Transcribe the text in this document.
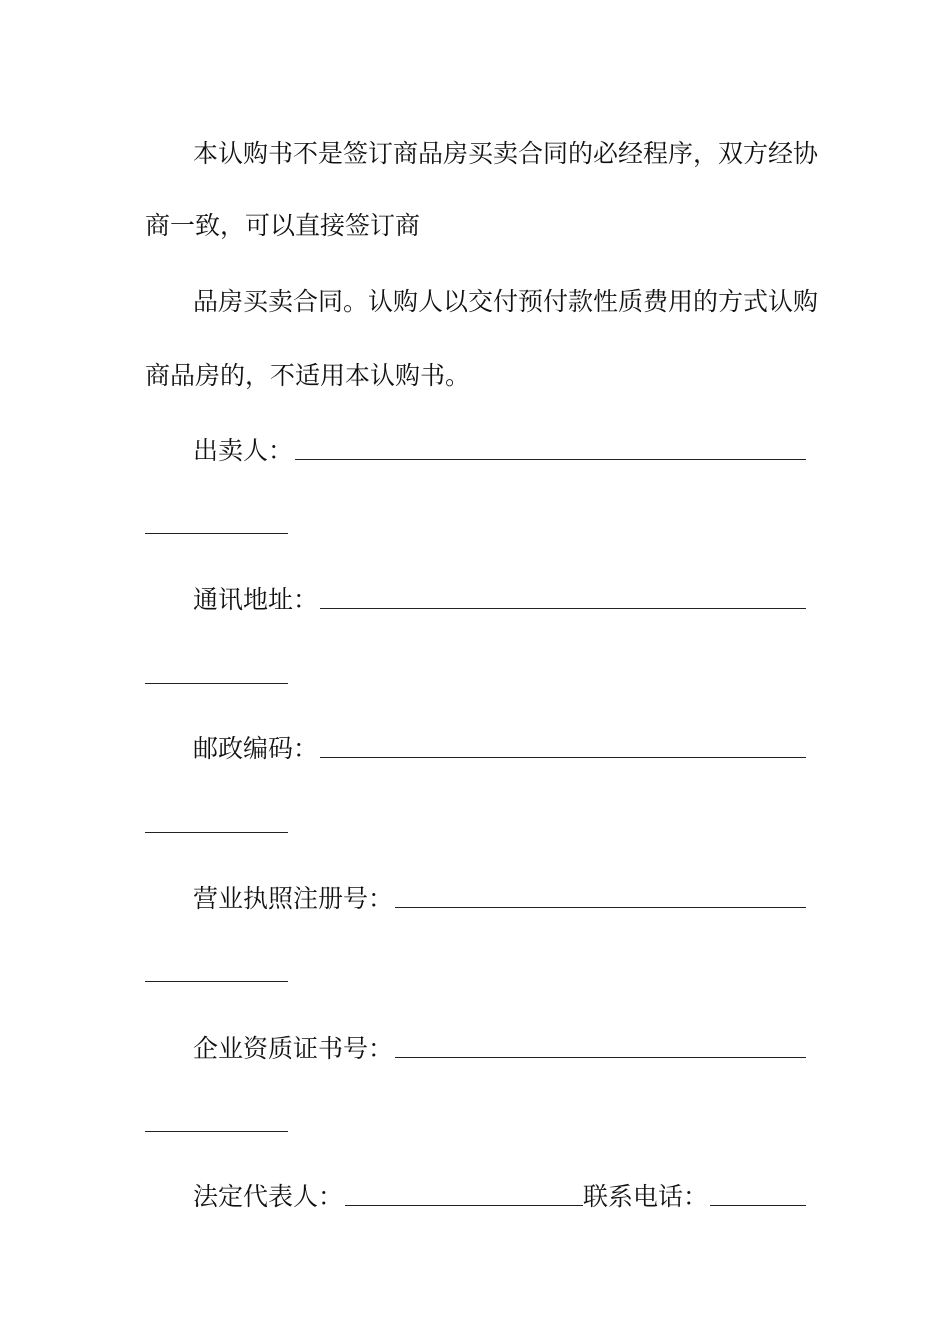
本认购书不是签订商品房买卖合同的必经程序，双方经协
商一致，可以直接签订商
品房买卖合同。认购人以交付预付款性质费用的方式认购
商品房的，不适用本认购书。
出卖人：
通讯地址：
邮政编码：
营业执照注册号：
企业资质证书号：
法定代表人：	联系电话：
